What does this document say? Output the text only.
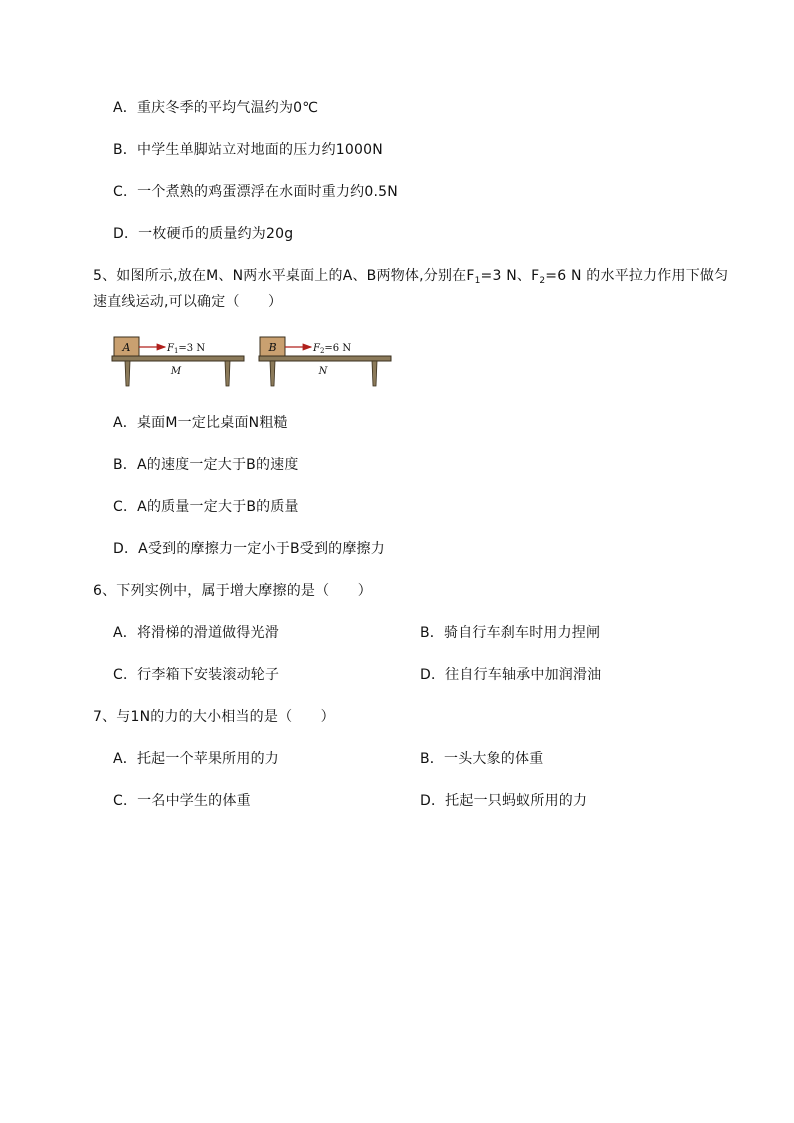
A．重庆冬季的平均气温约为0℃
B．中学生单脚站立对地面的压力约1000N
C．一个煮熟的鸡蛋漂浮在水面时重力约0.5N
D．一枚硬币的质量约为20g
5、如图所示,放在M、N两水平桌面上的A、B两物体,分别在$F_1=3$ N、$F_2=6$ N 的水平拉力作用下做匀
速直线运动,可以确定（　　）
A	$F_1=3$ N
M
B	$F_2=6$ N
N
A．桌面M一定比桌面N粗糙
B．A的速度一定大于B的速度
C．A的质量一定大于B的质量
D．A受到的摩擦力一定小于B受到的摩擦力
6、下列实例中，属于增大摩擦的是（　　）
A．将滑梯的滑道做得光滑	B．骑自行车刹车时用力捏闸
C．行李箱下安装滚动轮子	D．往自行车轴承中加润滑油
7、与1N的力的大小相当的是（　　）
A．托起一个苹果所用的力	B．一头大象的体重
C．一名中学生的体重	D．托起一只蚂蚁所用的力
